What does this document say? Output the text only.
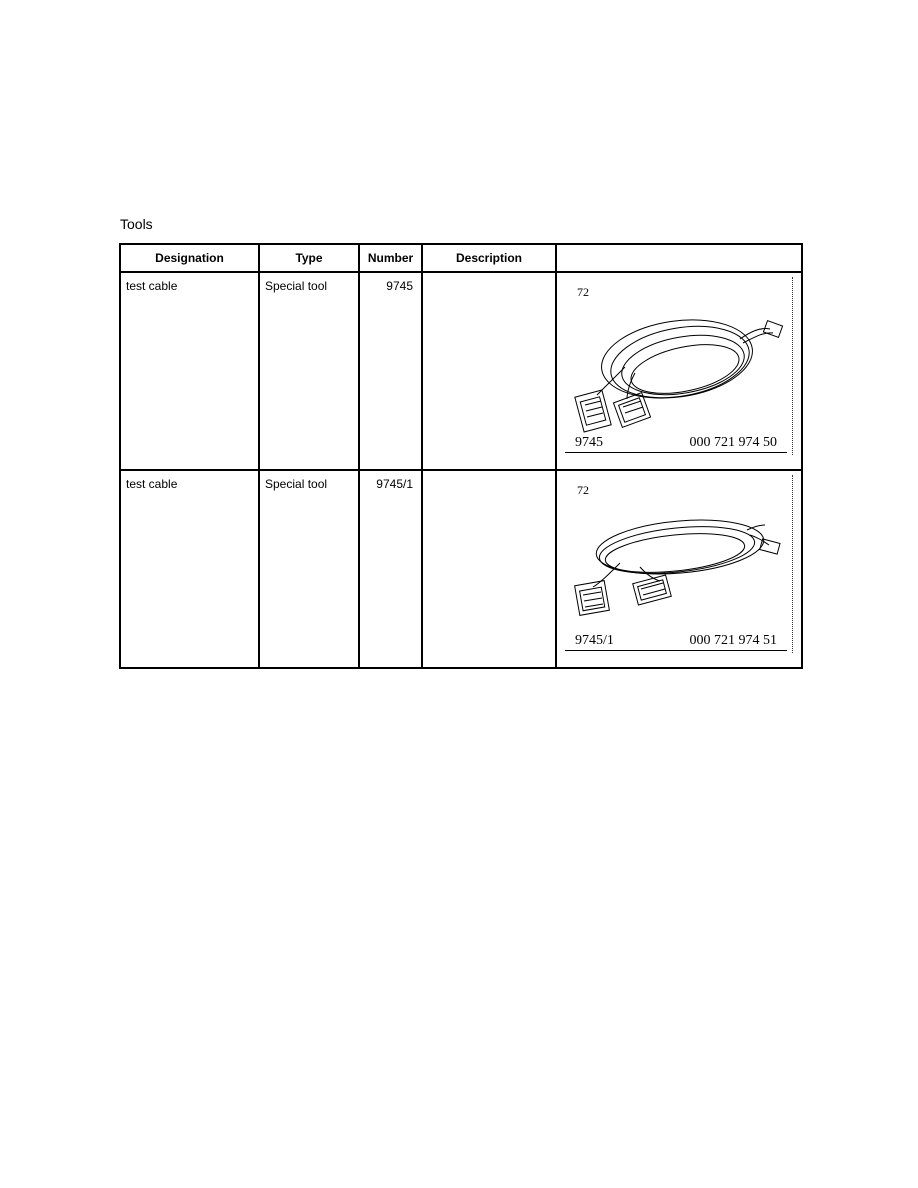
Tools
Designation	Type	Number	Description	
test cable	Special tool	9745		72
9745 000 721 974 50

test cable	Special tool	9745/1		72
9745/1 000 721 974 51
